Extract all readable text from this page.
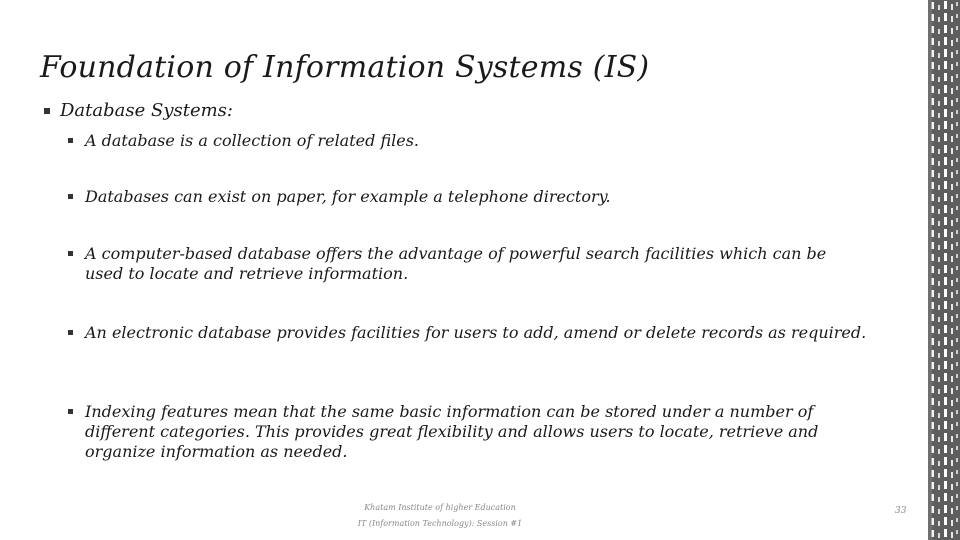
Foundation of Information Systems (IS)
Database Systems:
A database is a collection of related files.
Databases can exist on paper, for example a telephone directory.
A computer-based database offers the advantage of powerful search facilities which can be used to locate and retrieve information.
An electronic database provides facilities for users to add, amend or delete records as required.
Indexing features mean that the same basic information can be stored under a number of different categories. This provides great flexibility and allows users to locate, retrieve and organize information as needed.
Khatam Institute of higher Education
IT (Information Technology): Session #1
33
